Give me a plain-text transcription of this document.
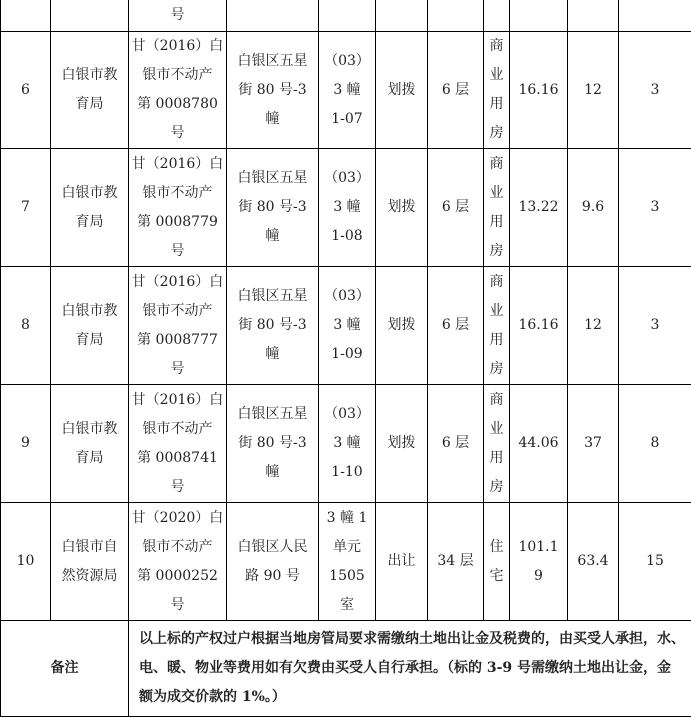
		号								
6	白银市教
育局	甘（2016）白
银市不动产
第 0008780
号	白银区五星
街 80 号-3
幢	（03）
3 幢
1-07	划拨	6 层	商
业
用
房	16.16	12	3
7	白银市教
育局	甘（2016）白
银市不动产
第 0008779
号	白银区五星
街 80 号-3
幢	（03）
3 幢
1-08	划拨	6 层	商
业
用
房	13.22	9.6	3
8	白银市教
育局	甘（2016）白
银市不动产
第 0008777
号	白银区五星
街 80 号-3
幢	（03）
3 幢
1-09	划拨	6 层	商
业
用
房	16.16	12	3
9	白银市教
育局	甘（2016）白
银市不动产
第 0008741
号	白银区五星
街 80 号-3
幢	（03）
3 幢
1-10	划拨	6 层	商
业
用
房	44.06	37	8
10	白银市自
然资源局	甘（2020）白
银市不动产
第 0000252
号	白银区人民
路 90 号	3 幢 1
单元
1505
室	出让	34 层	住
宅	101.1
9	63.4	15
备注		以上标的产权过户根据当地房管局要求需缴纳土地出让金及税费的，由买受人承担，水、电、暖、物业等费用如有欠费由买受人自行承担。（标的 3-9 号需缴纳土地出让金，金额为成交价款的 1%。）								
